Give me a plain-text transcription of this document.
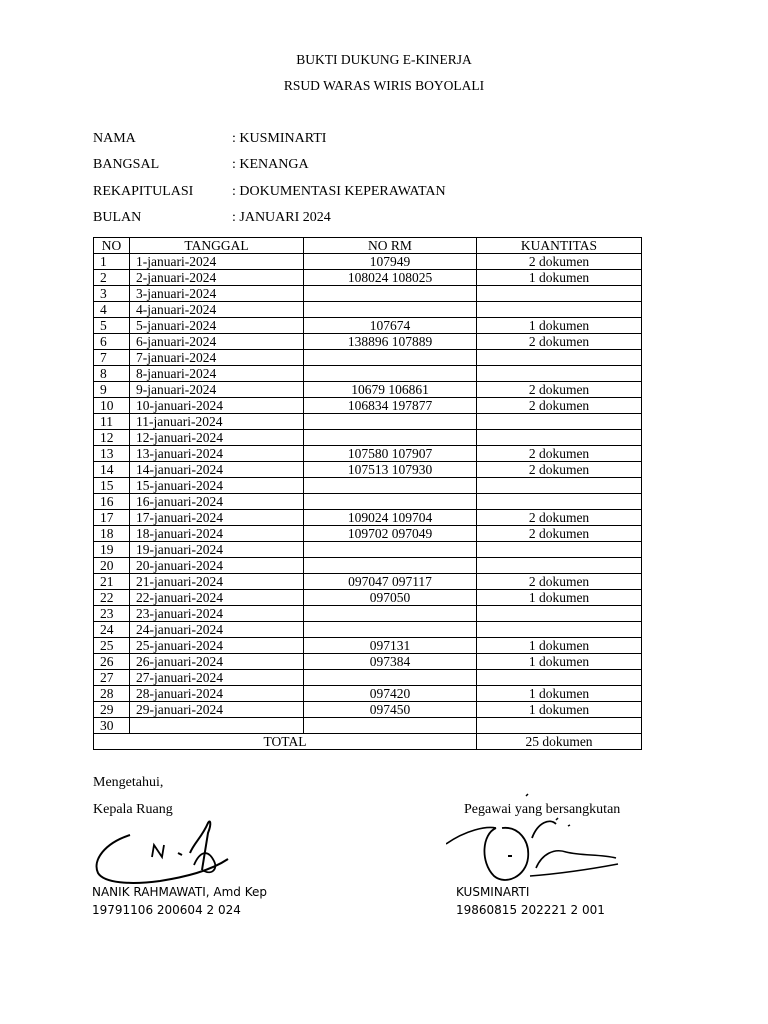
BUKTI DUKUNG E-KINERJA
RSUD WARAS WIRIS BOYOLALI
NAMA	: KUSMINARTI
BANGSAL	: KENANGA
REKAPITULASI	: DOKUMENTASI KEPERAWATAN
BULAN	: JANUARI 2024
NO	TANGGAL	NO RM	KUANTITAS
1	1-januari-2024	107949	2 dokumen
2	2-januari-2024	108024 108025	1 dokumen
3	3-januari-2024		
4	4-januari-2024		
5	5-januari-2024	107674	1 dokumen
6	6-januari-2024	138896 107889	2 dokumen
7	7-januari-2024		
8	8-januari-2024		
9	9-januari-2024	10679 106861	2 dokumen
10	10-januari-2024	106834 197877	2 dokumen
11	11-januari-2024		
12	12-januari-2024		
13	13-januari-2024	107580 107907	2 dokumen
14	14-januari-2024	107513 107930	2 dokumen
15	15-januari-2024		
16	16-januari-2024		
17	17-januari-2024	109024 109704	2 dokumen
18	18-januari-2024	109702 097049	2 dokumen
19	19-januari-2024		
20	20-januari-2024		
21	21-januari-2024	097047 097117	2 dokumen
22	22-januari-2024	097050	1 dokumen
23	23-januari-2024		
24	24-januari-2024		
25	25-januari-2024	097131	1 dokumen
26	26-januari-2024	097384	1 dokumen
27	27-januari-2024		
28	28-januari-2024	097420	1 dokumen
29	29-januari-2024	097450	1 dokumen
30			
TOTAL			25 dokumen
Mengetahui,
Kepala Ruang	Pegawai yang bersangkutan
NANIK RAHMAWATI, Amd Kep
19791106 200604 2 024
KUSMINARTI
19860815 202221 2 001
